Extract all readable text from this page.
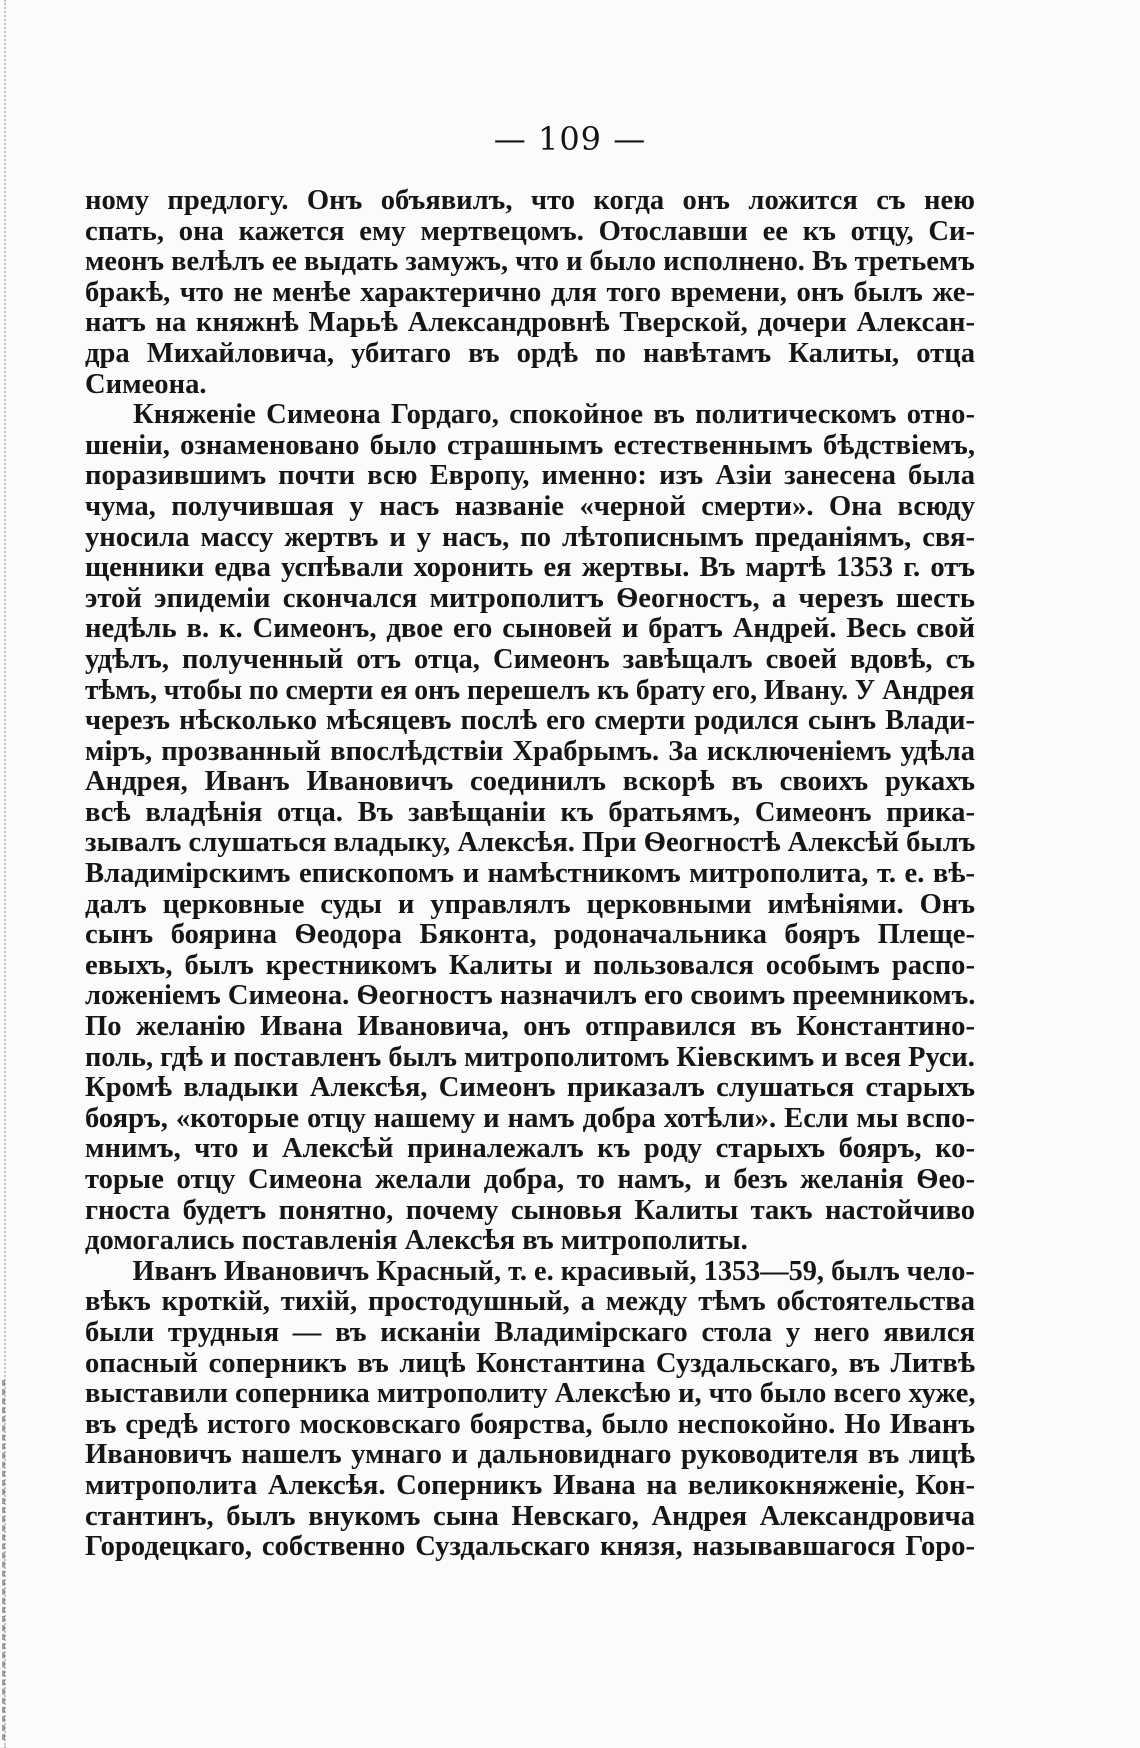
— 109 —
ному предлогу. Онъ объявилъ, что когда онъ ложится съ нею
спать, она кажется ему мертвецомъ. Отославши ее къ отцу, Си-
меонъ велѣлъ ее выдать замужъ, что и было исполнено. Въ третьемъ
бракѣ, что не менѣе характерично для того времени, онъ былъ же-
натъ на княжнѣ Марьѣ Александровнѣ Тверской, дочери Алексан-
дра Михайловича, убитаго въ ордѣ по навѣтамъ Калиты, отца
Симеона.
Княженіе Симеона Гордаго, спокойное въ политическомъ отно-
шеніи, ознаменовано было страшнымъ естественнымъ бѣдствіемъ,
поразившимъ почти всю Европу, именно: изъ Азіи занесена была
чума, получившая у насъ названіе «черной смерти». Она всюду
уносила массу жертвъ и у насъ, по лѣтописнымъ преданіямъ, свя-
щенники едва успѣвали хоронить ея жертвы. Въ мартѣ 1353 г. отъ
этой эпидеміи скончался митрополитъ Ѳеогностъ, а черезъ шесть
недѣль в. к. Симеонъ, двое его сыновей и братъ Андрей. Весь свой
удѣлъ, полученный отъ отца, Симеонъ завѣщалъ своей вдовѣ, съ
тѣмъ, чтобы по смерти ея онъ перешелъ къ брату его, Ивану. У Андрея
черезъ нѣсколько мѣсяцевъ послѣ его смерти родился сынъ Влади-
міръ, прозванный впослѣдствіи Храбрымъ. За исключеніемъ удѣла
Андрея, Иванъ Ивановичъ соединилъ вскорѣ въ своихъ рукахъ
всѣ владѣнія отца. Въ завѣщаніи къ братьямъ, Симеонъ прика-
зывалъ слушаться владыку, Алексѣя. При Ѳеогностѣ Алексѣй былъ
Владимірскимъ епископомъ и намѣстникомъ митрополита, т. е. вѣ-
далъ церковные суды и управлялъ церковными имѣніями. Онъ
сынъ боярина Ѳеодора Бяконта, родоначальника бояръ Плеще-
евыхъ, былъ крестникомъ Калиты и пользовался особымъ распо-
ложеніемъ Симеона. Ѳеогностъ назначилъ его своимъ преемникомъ.
По желанію Ивана Ивановича, онъ отправился въ Константино-
поль, гдѣ и поставленъ былъ митрополитомъ Кіевскимъ и всея Руси.
Кромѣ владыки Алексѣя, Симеонъ приказалъ слушаться старыхъ
бояръ, «которые отцу нашему и намъ добра хотѣли». Если мы вспо-
мнимъ, что и Алексѣй приналежалъ къ роду старыхъ бояръ, ко-
торые отцу Симеона желали добра, то намъ, и безъ желанія Ѳео-
гноста будетъ понятно, почему сыновья Калиты такъ настойчиво
домогались поставленія Алексѣя въ митрополиты.
Иванъ Ивановичъ Красный, т. е. красивый, 1353—59, былъ чело-
вѣкъ кроткій, тихій, простодушный, а между тѣмъ обстоятельства
были трудныя — въ исканіи Владимірскаго стола у него явился
опасный соперникъ въ лицѣ Константина Суздальскаго, въ Литвѣ
выставили соперника митрополиту Алексѣю и, что было всего хуже,
въ средѣ истого московскаго боярства, было неспокойно. Но Иванъ
Ивановичъ нашелъ умнаго и дальновиднаго руководителя въ лицѣ
митрополита Алексѣя. Соперникъ Ивана на великокняженіе, Кон-
стантинъ, былъ внукомъ сына Невскаго, Андрея Александровича
Городецкаго, собственно Суздальскаго князя, называвшагося Горо-
